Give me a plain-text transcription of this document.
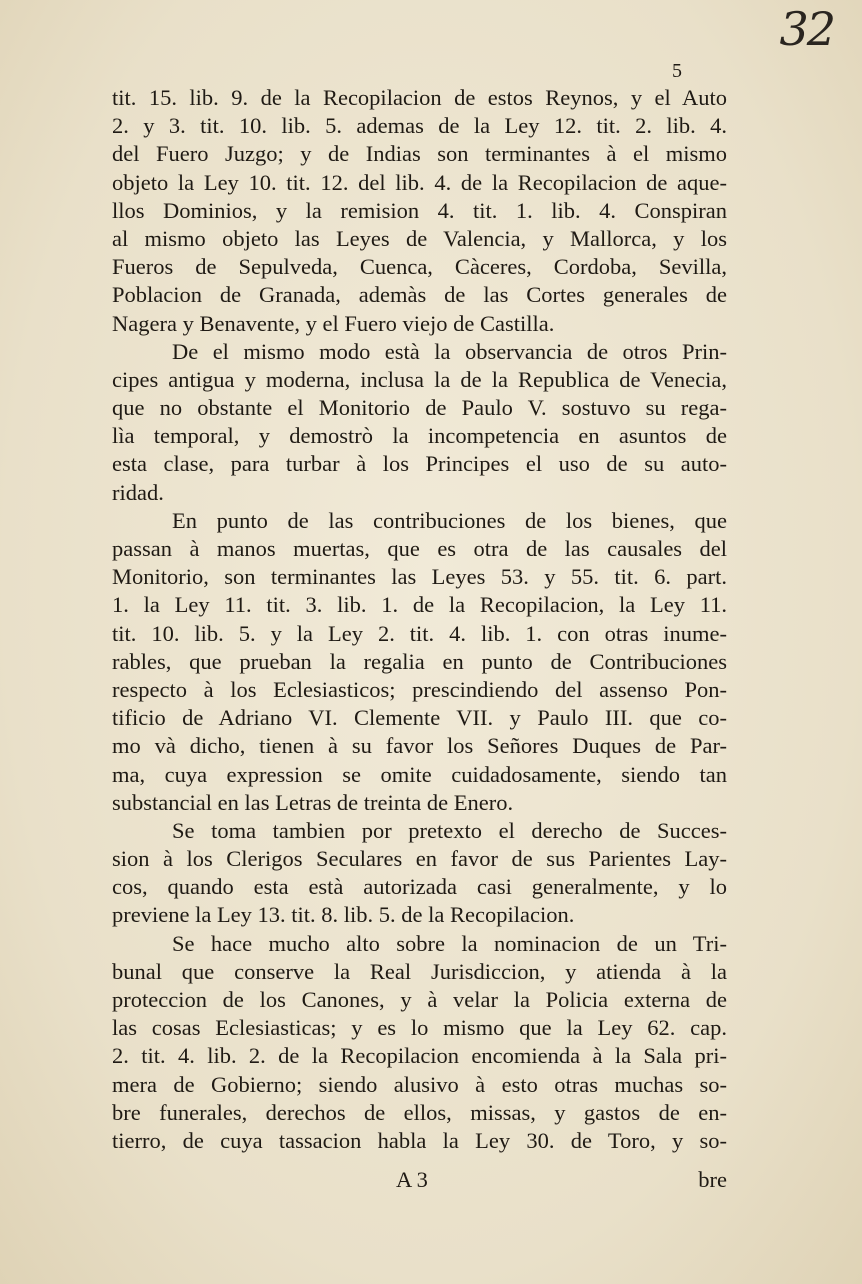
32
5
tit. 15. lib. 9. de la Recopilacion de estos Reynos, y el Auto
2. y 3. tit. 10. lib. 5. ademas de la Ley 12. tit. 2. lib. 4.
del Fuero Juzgo; y de Indias son terminantes à el mismo
objeto la Ley 10. tit. 12. del lib. 4. de la Recopilacion de aque-
llos Dominios, y la remision 4. tit. 1. lib. 4. Conspiran
al mismo objeto las Leyes de Valencia, y Mallorca, y los
Fueros de Sepulveda, Cuenca, Càceres, Cordoba, Sevilla,
Poblacion de Granada, ademàs de las Cortes generales de
Nagera y Benavente, y el Fuero viejo de Castilla.
De el mismo modo està la observancia de otros Prin-
cipes antigua y moderna, inclusa la de la Republica de Venecia,
que no obstante el Monitorio de Paulo V. sostuvo su rega-
lìa temporal, y demostrò la incompetencia en asuntos de
esta clase, para turbar à los Principes el uso de su auto-
ridad.
En punto de las contribuciones de los bienes, que
passan à manos muertas, que es otra de las causales del
Monitorio, son terminantes las Leyes 53. y 55. tit. 6. part.
1. la Ley 11. tit. 3. lib. 1. de la Recopilacion, la Ley 11.
tit. 10. lib. 5. y la Ley 2. tit. 4. lib. 1. con otras inume-
rables, que prueban la regalia en punto de Contribuciones
respecto à los Eclesiasticos; prescindiendo del assenso Pon-
tificio de Adriano VI. Clemente VII. y Paulo III. que co-
mo và dicho, tienen à su favor los Señores Duques de Par-
ma, cuya expression se omite cuidadosamente, siendo tan
substancial en las Letras de treinta de Enero.
Se toma tambien por pretexto el derecho de Succes-
sion à los Clerigos Seculares en favor de sus Parientes Lay-
cos, quando esta està autorizada casi generalmente, y lo
previene la Ley 13. tit. 8. lib. 5. de la Recopilacion.
Se hace mucho alto sobre la nominacion de un Tri-
bunal que conserve la Real Jurisdiccion, y atienda à la
proteccion de los Canones, y à velar la Policia externa de
las cosas Eclesiasticas; y es lo mismo que la Ley 62. cap.
2. tit. 4. lib. 2. de la Recopilacion encomienda à la Sala pri-
mera de Gobierno; siendo alusivo à esto otras muchas so-
bre funerales, derechos de ellos, missas, y gastos de en-
tierro, de cuya tassacion habla la Ley 30. de Toro, y so-
A 3	bre
